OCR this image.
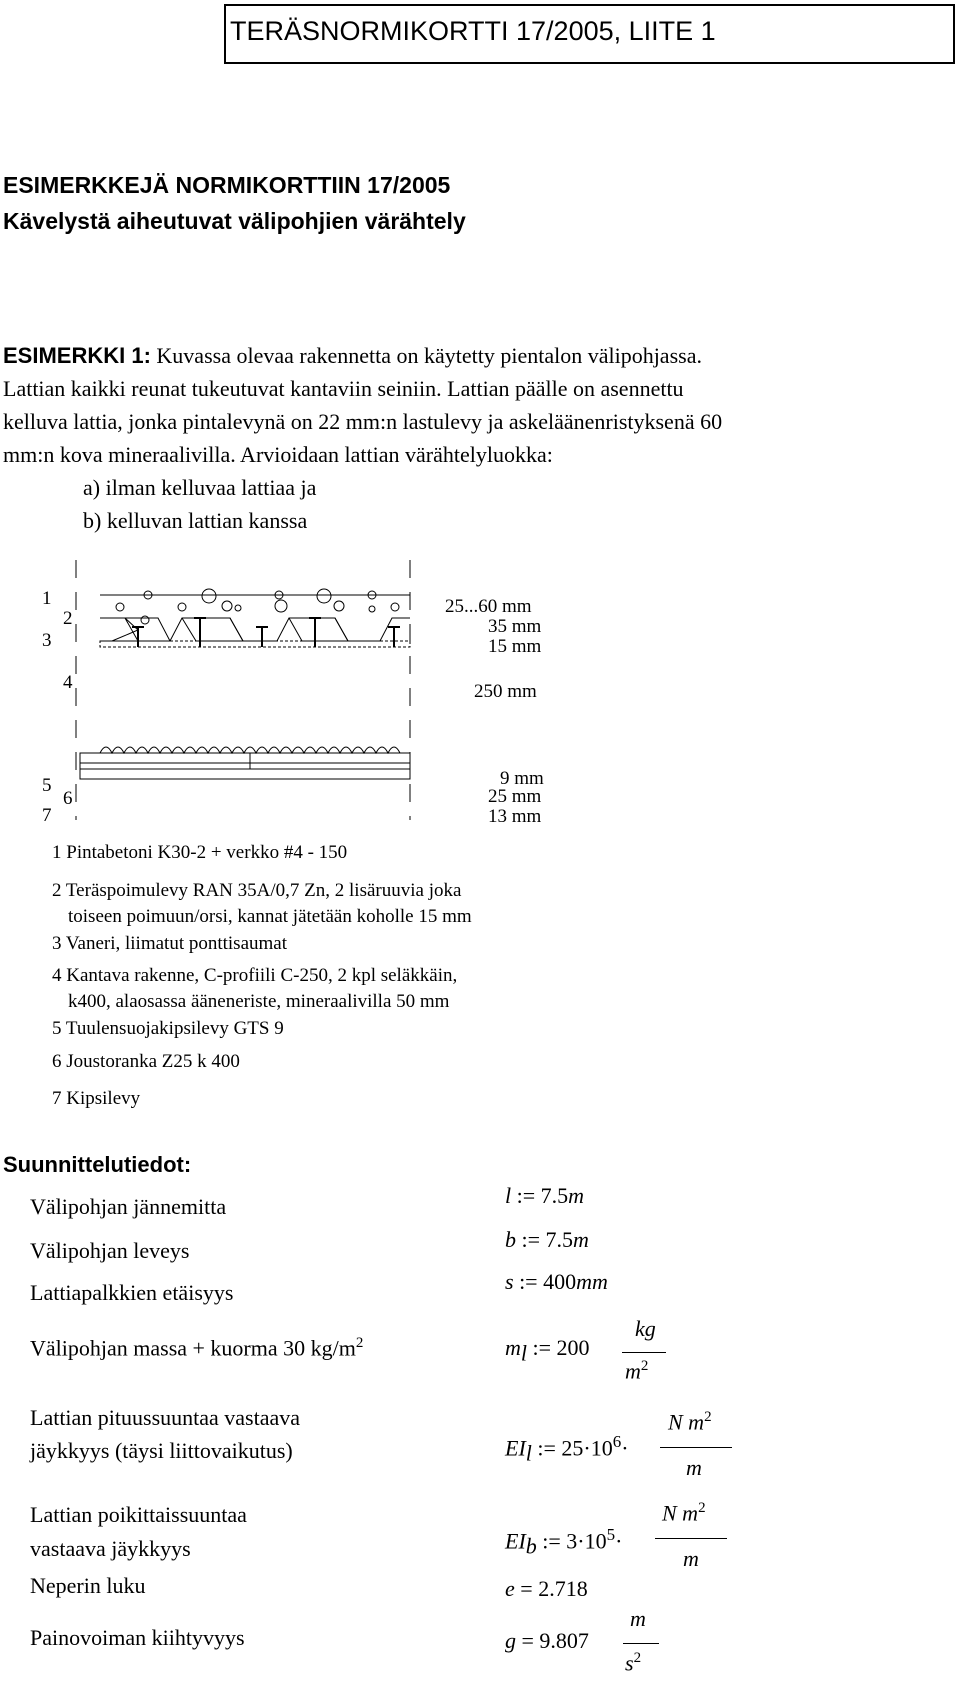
TERÄSNORMIKORTTI 17/2005, LIITE 1
ESIMERKKEJÄ NORMIKORTTIIN 17/2005
Kävelystä aiheutuvat välipohjien värähtely
ESIMERKKI 1: Kuvassa olevaa rakennetta on käytetty pientalon välipohjassa.
Lattian kaikki reunat tukeutuvat kantaviin seiniin. Lattian päälle on asennettu
kelluva lattia, jonka pintalevynä on 22 mm:n lastulevy ja askeläänenristyksenä 60
mm:n kova mineraalivilla. Arvioidaan lattian värähtelyluokka:
a) ilman kelluvaa lattiaa ja
b) kelluvan lattian kanssa
1
2
3
4
5
6
7
25...60 mm
35 mm
15 mm
250 mm
9 mm
25 mm
13 mm
1 Pintabetoni K30-2 + verkko #4 - 150
2 Teräspoimulevy RAN 35A/0,7 Zn, 2 lisäruuvia joka
toiseen poimuun/orsi, kannat jätetään koholle 15 mm
3 Vaneri, liimatut ponttisaumat
4 Kantava rakenne, C-profiili C-250, 2 kpl seläkkäin,
k400, alaosassa ääneneriste, mineraalivilla 50 mm
5 Tuulensuojakipsilevy GTS 9
6 Joustoranka Z25 k 400
7 Kipsilevy
Suunnittelutiedot:
Välipohjan jännemitta
Välipohjan leveys
Lattiapalkkien etäisyys
Välipohjan massa + kuorma 30 $kg/m^2$
Lattian pituussuuntaa vastaava
jäykkyys (täysi liittovaikutus)
Lattian poikittaissuuntaa
vastaava jäykkyys
Neperin luku
Painovoiman kiihtyvyys
l := 7.5m
b := 7.5m
s := 400mm
$m_l$ := 200
kg
$m^2$
$EI_l$ := $25\cdot 10^6\cdot$
N $m^2$
m
$EI_b$ := $3\cdot 10^5\cdot$
N $m^2$
m
e = 2.718
g = 9.807
m
$s^2$
